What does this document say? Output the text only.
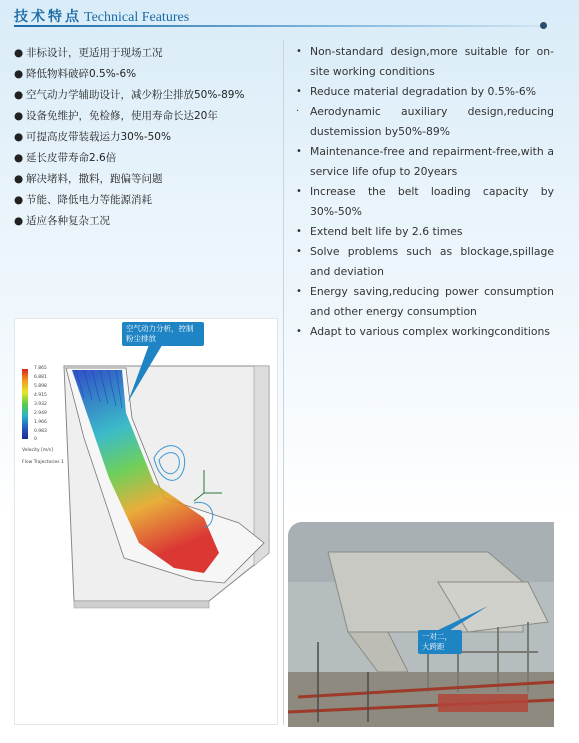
技术特点 Technical Features
● 非标设计，更适用于现场工况
● 降低物料破碎0.5%-6%
● 空气动力学辅助设计，减少粉尘排放50%-89%
● 设备免维护，免检修，使用寿命长达20年
● 可提高皮带装载运力30%-50%
● 延长皮带寿命2.6倍
● 解决堵料，撒料，跑偏等问题
● 节能、降低电力等能源消耗
● 适应各种复杂工况
• Non-standard design,more suitable for on-site working conditions
• Reduce material degradation by 0.5%-6%
·	Aerodynamic auxiliary design,reducing dustemission by50%-89%
• Maintenance-free and repairment-free,with a service life ofup to 20years
• Increase the belt loading capacity by 30%-50%
• Extend belt life by 2.6 times
• Solve problems such as blockage,spillage and deviation
• Energy saving,reducing power consumption and other energy consumption
• Adapt to various complex workingconditions
7.865
6.881
5.898
4.915
3.932
2.949
1.966
0.983
0
Velocity [m/s]
Flow Trajectories 1
空气动力分析，控制粉尘排放
一对二，大跨距
